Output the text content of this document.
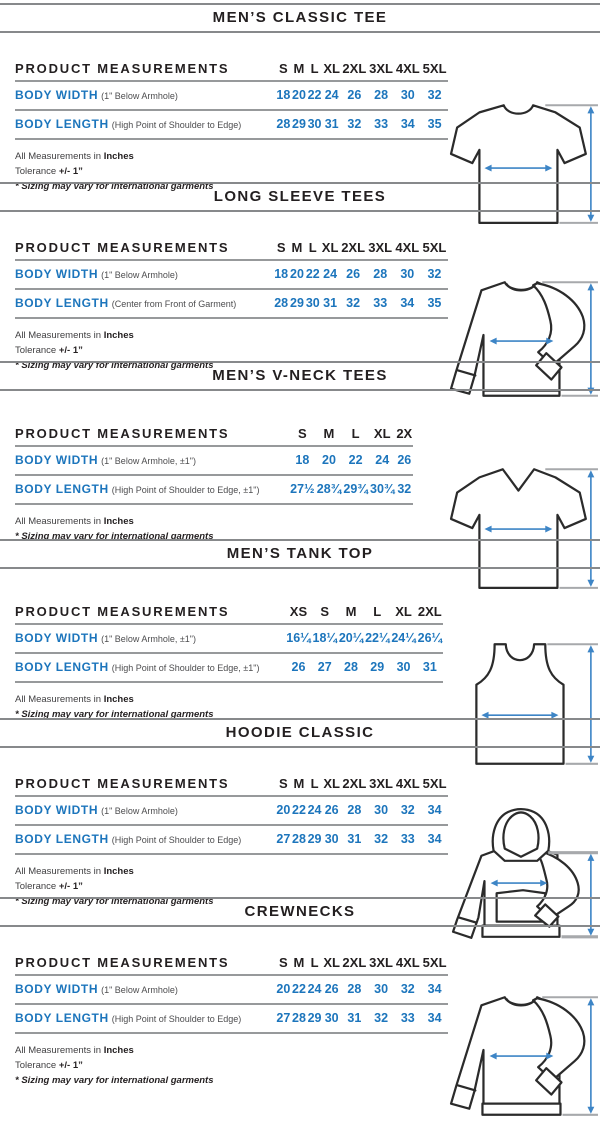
MEN’S CLASSIC TEE
PRODUCT MEASUREMENTS	S	M	L	XL	2XL	3XL	4XL	5XL
BODY WIDTH (1" Below Armhole)	18	20	22	24	26	28	30	32
BODY LENGTH (High Point of Shoulder to Edge)	28	29	30	31	32	33	34	35

All Measurements in Inches

Tolerance +/- 1”

* Sizing may vary for international garments

LONG SLEEVE TEES
PRODUCT MEASUREMENTS	S	M	L	XL	2XL	3XL	4XL	5XL
BODY WIDTH (1" Below Armhole)	18	20	22	24	26	28	30	32
BODY LENGTH (Center from Front of Garment)	28	29	30	31	32	33	34	35

All Measurements in Inches

Tolerance +/- 1”

* Sizing may vary for international garments

MEN’S V-NECK TEES
PRODUCT MEASUREMENTS	S	M	L	XL	2X
BODY WIDTH (1" Below Armhole, ±1")	18	20	22	24	26
BODY LENGTH (High Point of Shoulder to Edge, ±1")	27½	28¾	29¾	30¾	32

All Measurements in Inches

* Sizing may vary for international garments

MEN’S TANK TOP
PRODUCT MEASUREMENTS	XS	S	M	L	XL	2XL
BODY WIDTH (1" Below Armhole, ±1")	16¼	18¼	20¼	22¼	24¼	26¼
BODY LENGTH (High Point of Shoulder to Edge, ±1")	26	27	28	29	30	31

All Measurements in Inches

* Sizing may vary for international garments

HOODIE CLASSIC
PRODUCT MEASUREMENTS	S	M	L	XL	2XL	3XL	4XL	5XL
BODY WIDTH (1" Below Armhole)	20	22	24	26	28	30	32	34
BODY LENGTH (High Point of Shoulder to Edge)	27	28	29	30	31	32	33	34

All Measurements in Inches

Tolerance +/- 1”

* Sizing may vary for international garments

CREWNECKS
PRODUCT MEASUREMENTS	S	M	L	XL	2XL	3XL	4XL	5XL
BODY WIDTH (1" Below Armhole)	20	22	24	26	28	30	32	34
BODY LENGTH (High Point of Shoulder to Edge)	27	28	29	30	31	32	33	34

All Measurements in Inches

Tolerance +/- 1”

* Sizing may vary for international garments
